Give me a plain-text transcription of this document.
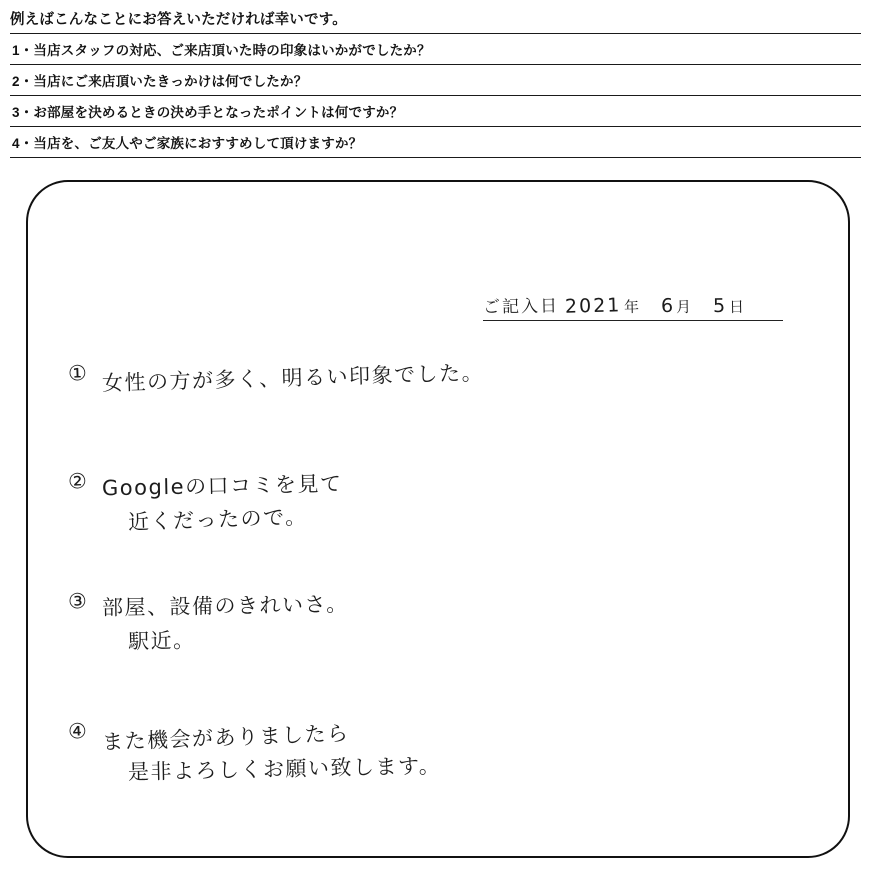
例えばこんなことにお答えいただければ幸いです。
1・当店スタッフの対応、ご来店頂いた時の印象はいかがでしたか？
2・当店にご来店頂いたきっかけは何でしたか？
3・お部屋を決めるときの決め手となったポイントは何ですか？
4・当店を、ご友人やご家族におすすめして頂けますか？
ご記入日 2021 年 6 月 5 日
① 女性の方が多く、明るい印象でした。
② Googleの口コミを見て
近くだったので。
③ 部屋、設備のきれいさ。
駅近。
④ また機会がありましたら
是非よろしくお願い致します。
